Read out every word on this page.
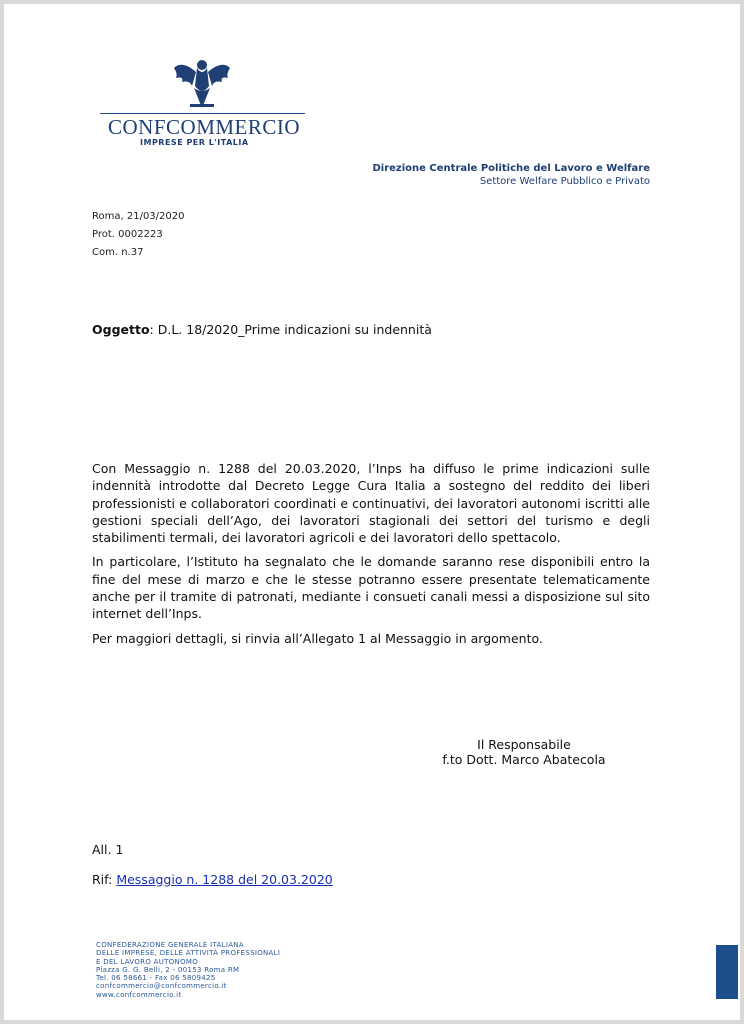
CONFCOMMERCIO
IMPRESE PER L'ITALIA
Direzione Centrale Politiche del Lavoro e Welfare
Settore Welfare Pubblico e Privato
Roma, 21/03/2020
Prot. 0002223
Com. n.37
Oggetto: D.L. 18/2020_Prime indicazioni su indennità

Con Messaggio n. 1288 del 20.03.2020, l’Inps ha diffuso le prime indicazioni sulle indennità introdotte dal Decreto Legge Cura Italia a sostegno del reddito dei liberi professionisti e collaboratori coordinati e continuativi, dei lavoratori autonomi iscritti alle gestioni speciali dell’Ago, dei lavoratori stagionali dei settori del turismo e degli stabilimenti termali, dei lavoratori agricoli e dei lavoratori dello spettacolo.

In particolare, l’Istituto ha segnalato che le domande saranno rese disponibili entro la fine del mese di marzo e che le stesse potranno essere presentate telematicamente anche per il tramite di patronati, mediante i consueti canali messi a disposizione sul sito internet dell’Inps.

Per maggiori dettagli, si rinvia all’Allegato 1 al Messaggio in argomento.

Il Responsabile
f.to Dott. Marco Abatecola
All. 1
Rif: Messaggio n. 1288 del 20.03.2020
CONFEDERAZIONE GENERALE ITALIANA
DELLE IMPRESE, DELLE ATTIVITÀ PROFESSIONALI
E DEL LAVORO AUTONOMO
Piazza G. G. Belli, 2 - 00153 Roma RM
Tel. 06 58661 - Fax 06 5809425
confcommercio@confcommercio.it
www.confcommercio.it
